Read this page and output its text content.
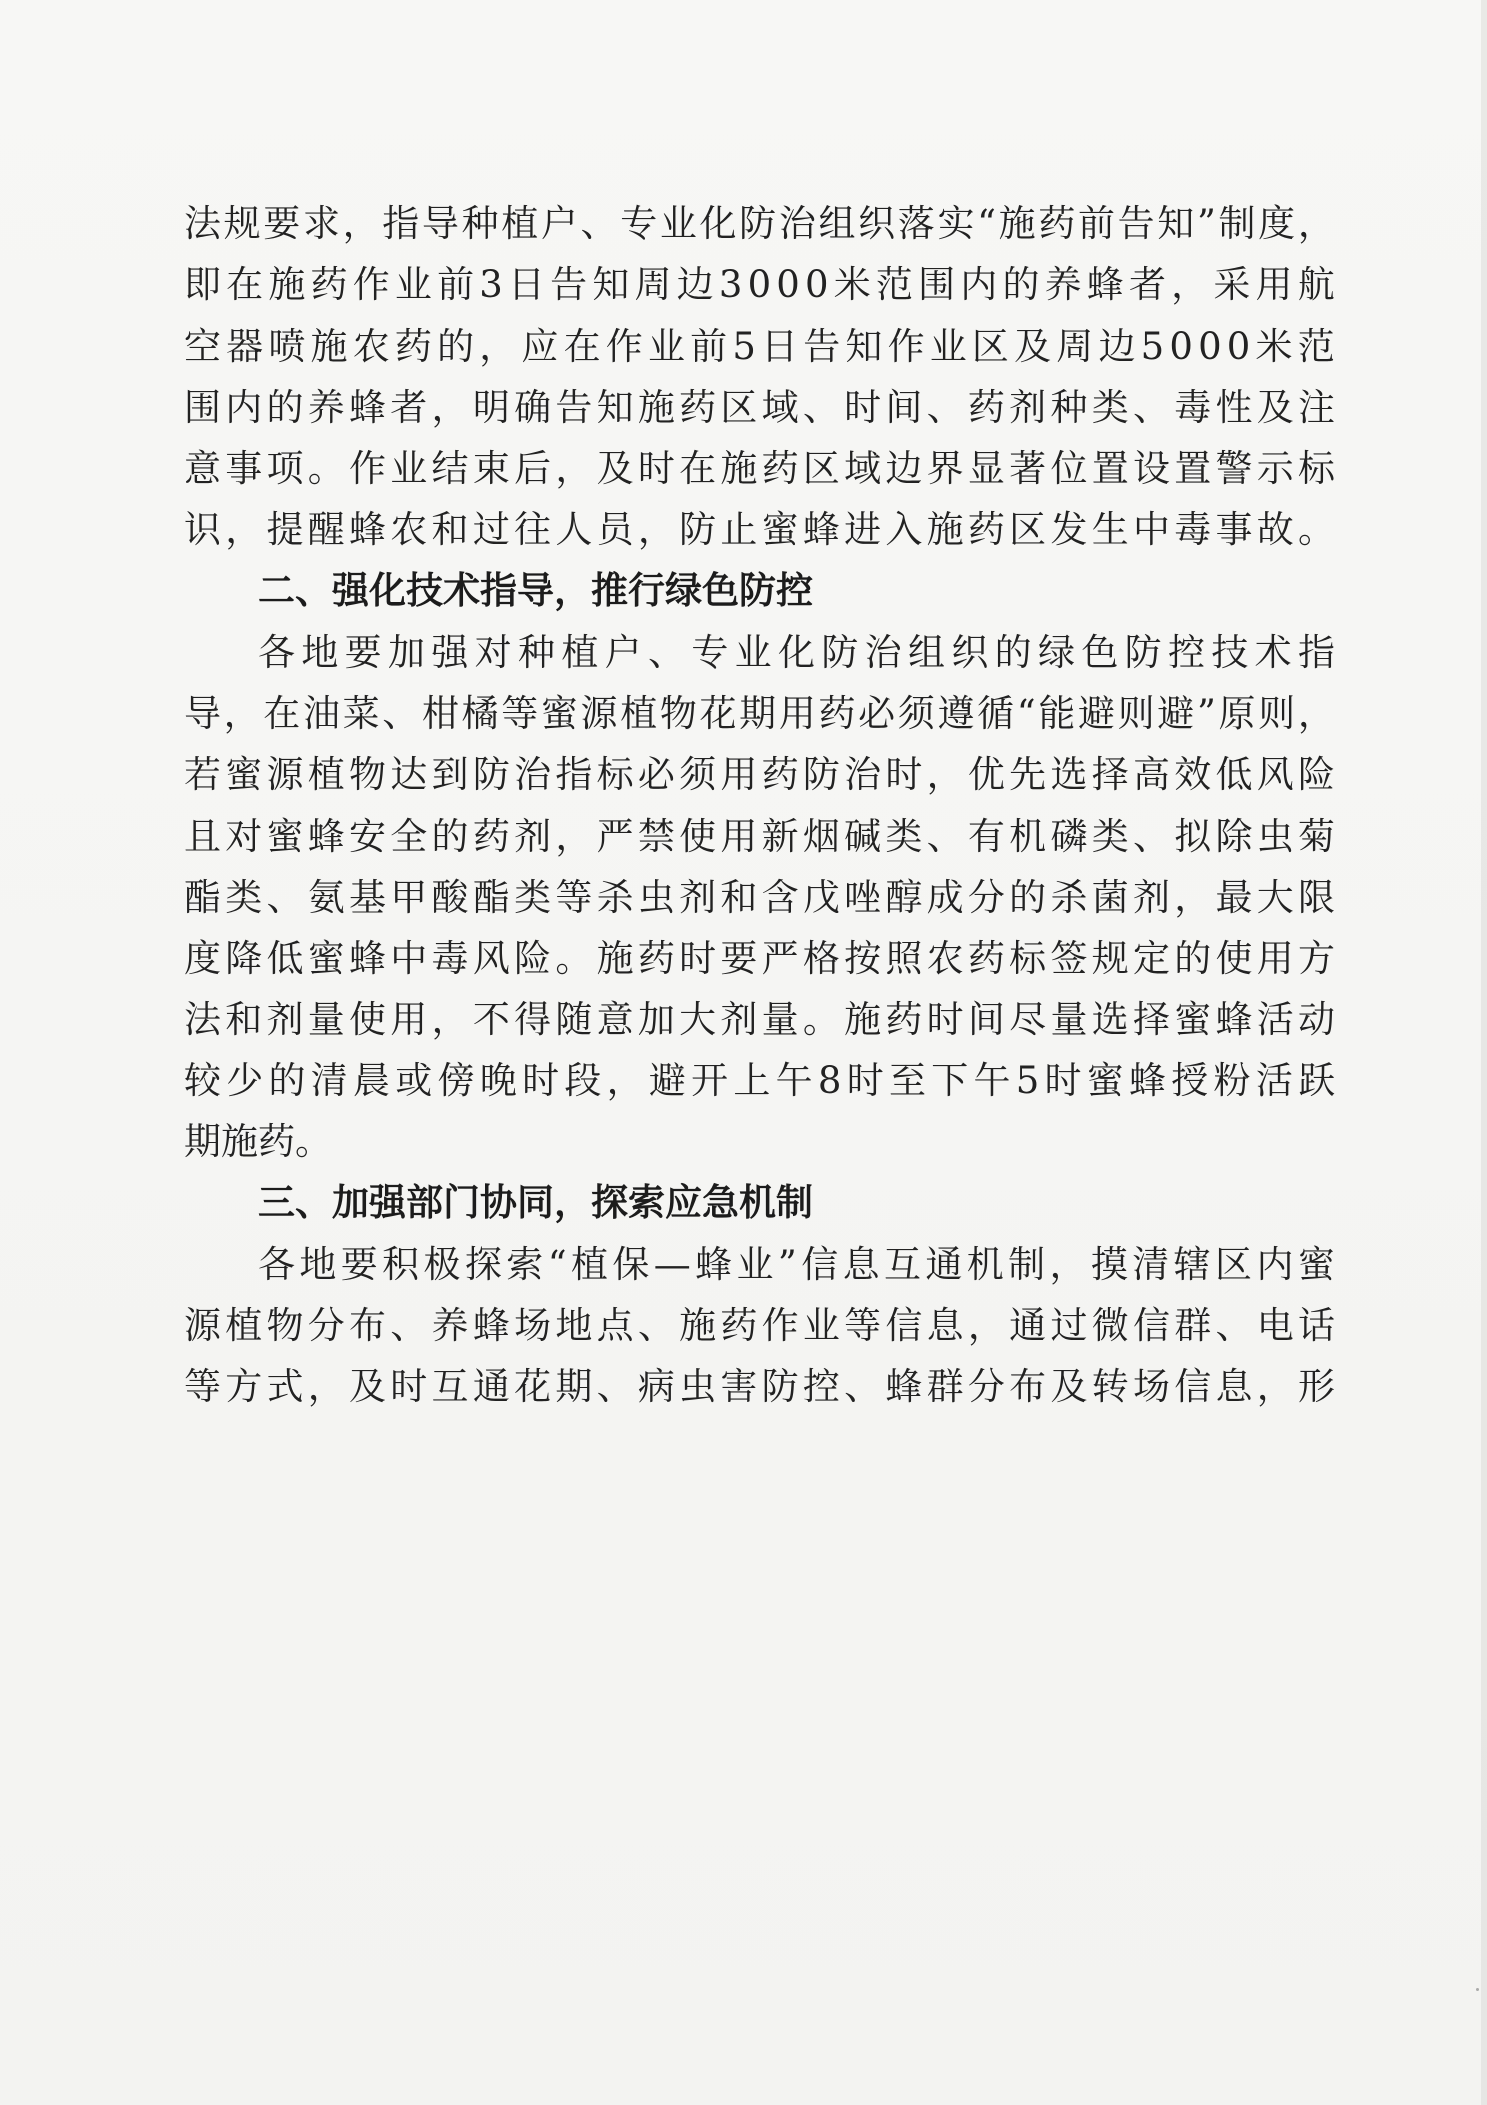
法规要求，指导种植户、专业化防治组织落实“施药前告知”制度，
即在施药作业前3日告知周边3000米范围内的养蜂者，采用航
空器喷施农药的，应在作业前5日告知作业区及周边5000米范
围内的养蜂者，明确告知施药区域、时间、药剂种类、毒性及注
意事项。作业结束后，及时在施药区域边界显著位置设置警示标
识，提醒蜂农和过往人员，防止蜜蜂进入施药区发生中毒事故。
二、强化技术指导，推行绿色防控
各地要加强对种植户、专业化防治组织的绿色防控技术指
导，在油菜、柑橘等蜜源植物花期用药必须遵循“能避则避”原则，
若蜜源植物达到防治指标必须用药防治时，优先选择高效低风险
且对蜜蜂安全的药剂，严禁使用新烟碱类、有机磷类、拟除虫菊
酯类、氨基甲酸酯类等杀虫剂和含戊唑醇成分的杀菌剂，最大限
度降低蜜蜂中毒风险。施药时要严格按照农药标签规定的使用方
法和剂量使用，不得随意加大剂量。施药时间尽量选择蜜蜂活动
较少的清晨或傍晚时段，避开上午8时至下午5时蜜蜂授粉活跃
期施药。
三、加强部门协同，探索应急机制
各地要积极探索“植保—蜂业”信息互通机制，摸清辖区内蜜
源植物分布、养蜂场地点、施药作业等信息，通过微信群、电话
等方式，及时互通花期、病虫害防控、蜂群分布及转场信息，形
